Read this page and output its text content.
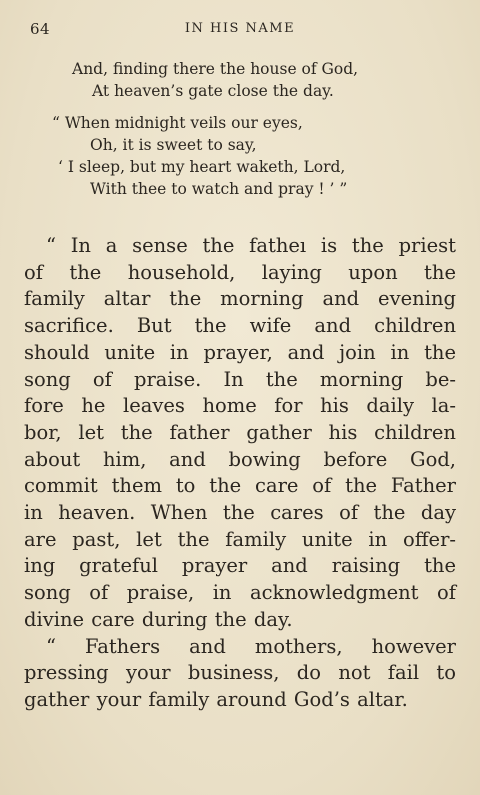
64	IN HIS NAME
And, finding there the house of God,
At heaven’s gate close the day.
“ When midnight veils our eyes,
Oh, it is sweet to say,
‘ I sleep, but my heart waketh, Lord,
With thee to watch and pray ! ’ ”
“ In a sense the fatheı is the priest
of the household, laying upon the
family altar the morning and evening
sacrifice. But the wife and children
should unite in prayer, and join in the
song of praise. In the morning be-
fore he leaves home for his daily la-
bor, let the father gather his children
about him, and bowing before God,
commit them to the care of the Father
in heaven. When the cares of the day
are past, let the family unite in offer-
ing grateful prayer and raising the
song of praise, in acknowledgment of
divine care during the day.
“ Fathers and mothers, however
pressing your business, do not fail to
gather your family around God’s altar.
